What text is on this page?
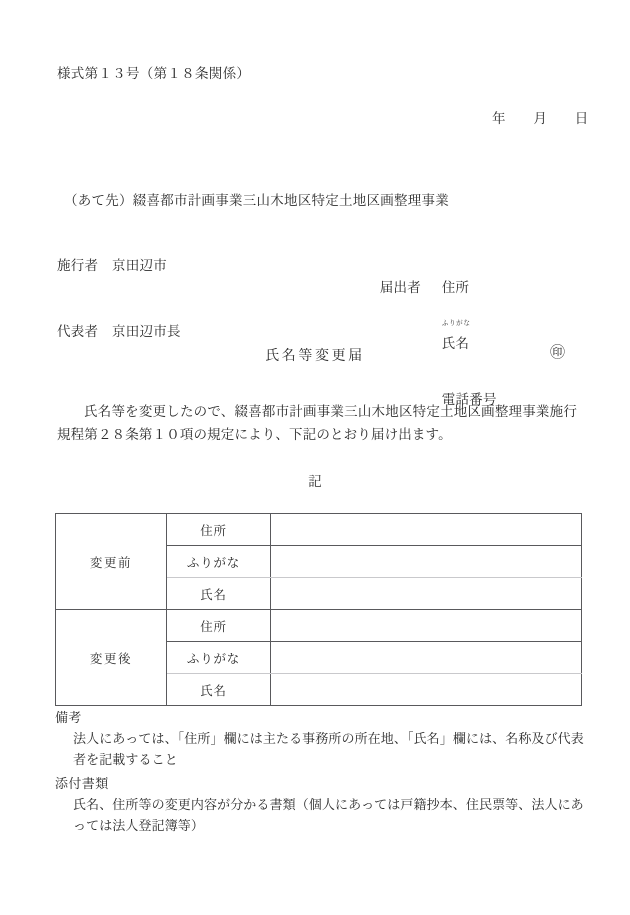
様式第１３号（第１８条関係）
年　　月　　日

（あて先）綴喜都市計画事業三山木地区特定土地区画整理事業

施行者　 京田辺市

代表者　 京田辺市長

届出者 住所

ふりがな
氏名

㊞

電話番号

氏名等変更届
氏名等を変更したので、綴喜都市計画事業三山木地区特定土地区画整理事業施行規程第２８条第１０項の規定により、下記のとおり届け出ます。
記
変更前	住所	
	ふりがな	
	氏名	
変更後	住所	
	ふりがな	
	氏名	
備考
法人にあっては、「住所」欄には主たる事務所の所在地、「氏名」欄には、名称及び代表者を記載すること
添付書類
氏名、住所等の変更内容が分かる書類（個人にあっては戸籍抄本、住民票等、法人にあっては法人登記簿等）
